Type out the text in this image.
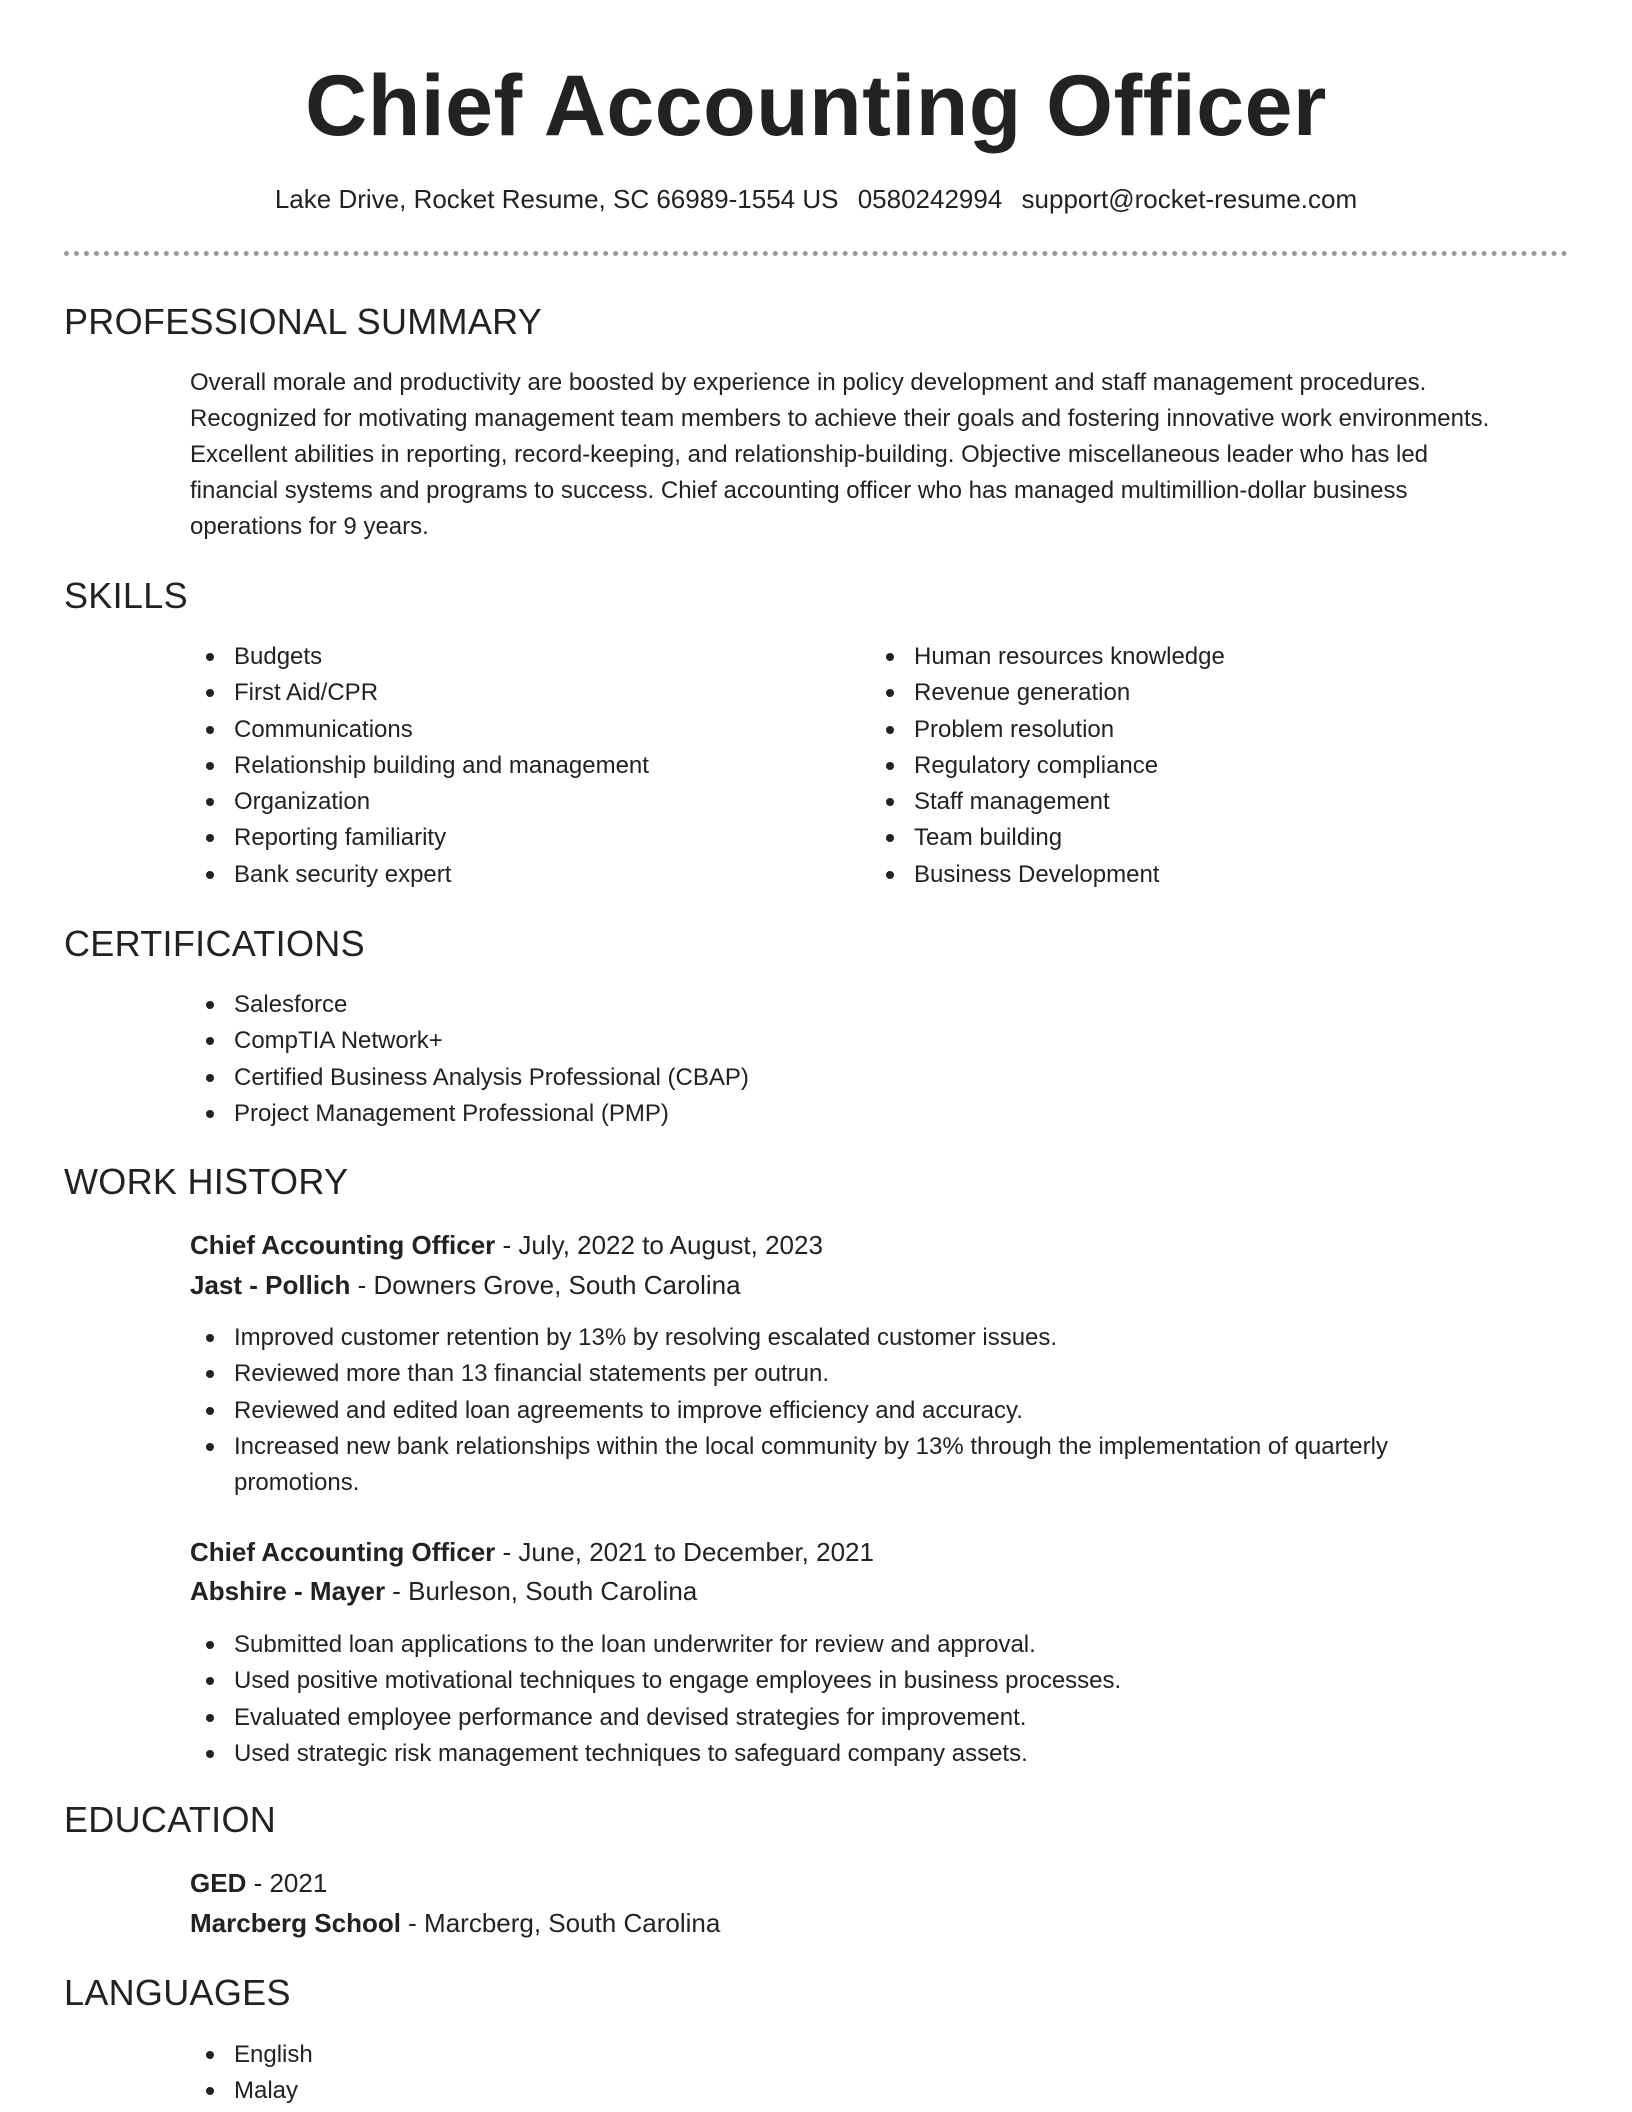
Chief Accounting Officer
Lake Drive, Rocket Resume, SC 66989-1554 US 0580242994 support@rocket-resume.com
PROFESSIONAL SUMMARY
Overall morale and productivity are boosted by experience in policy development and staff management procedures.
Recognized for motivating management team members to achieve their goals and fostering innovative work environments.
Excellent abilities in reporting, record-keeping, and relationship-building. Objective miscellaneous leader who has led
financial systems and programs to success. Chief accounting officer who has managed multimillion-dollar business
operations for 9 years.
SKILLS
Budgets
First Aid/CPR
Communications
Relationship building and management
Organization
Reporting familiarity
Bank security expert
Human resources knowledge
Revenue generation
Problem resolution
Regulatory compliance
Staff management
Team building
Business Development
CERTIFICATIONS
Salesforce
CompTIA Network+
Certified Business Analysis Professional (CBAP)
Project Management Professional (PMP)
WORK HISTORY
Chief Accounting Officer - July, 2022 to August, 2023
Jast - Pollich - Downers Grove, South Carolina
Improved customer retention by 13% by resolving escalated customer issues.
Reviewed more than 13 financial statements per outrun.
Reviewed and edited loan agreements to improve efficiency and accuracy.
Increased new bank relationships within the local community by 13% through the implementation of quarterly promotions.
Chief Accounting Officer - June, 2021 to December, 2021
Abshire - Mayer - Burleson, South Carolina
Submitted loan applications to the loan underwriter for review and approval.
Used positive motivational techniques to engage employees in business processes.
Evaluated employee performance and devised strategies for improvement.
Used strategic risk management techniques to safeguard company assets.
EDUCATION
GED - 2021
Marcberg School - Marcberg, South Carolina
LANGUAGES
English
Malay
